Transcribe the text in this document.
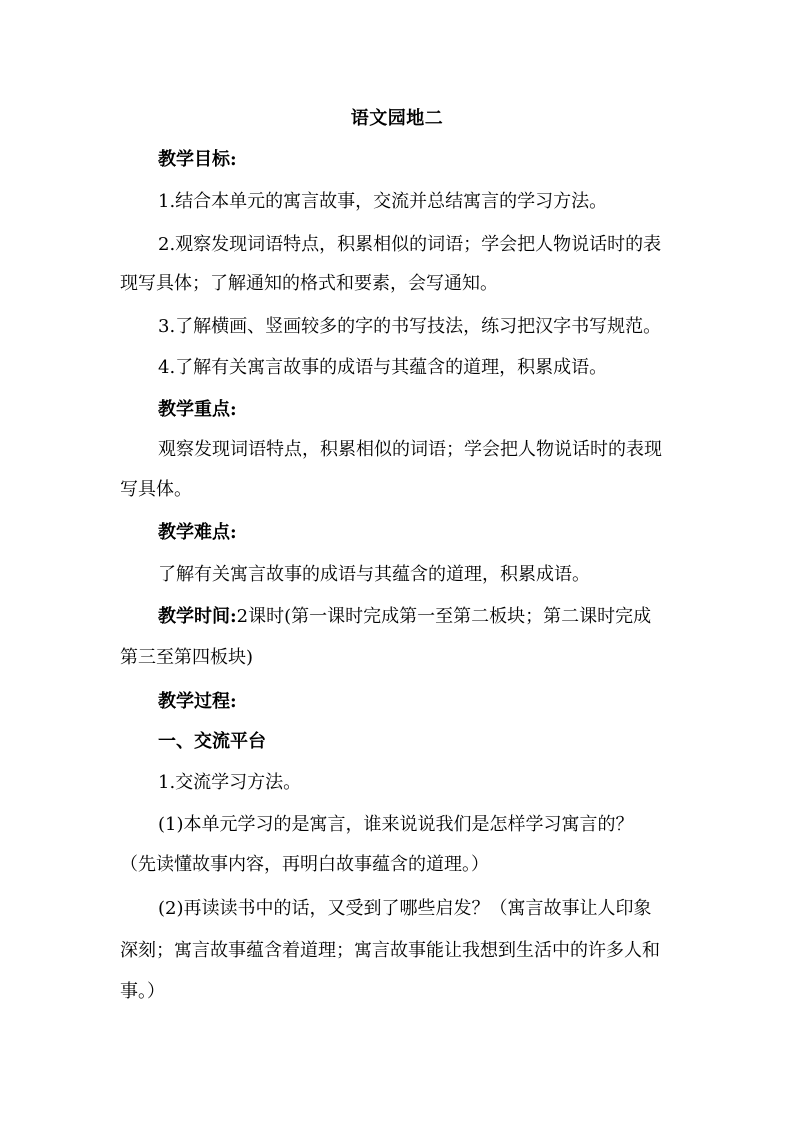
语文园地二
教学目标:
1.结合本单元的寓言故事，交流并总结寓言的学习方法。
2.观察发现词语特点，积累相似的词语；学会把人物说话时的表
现写具体；了解通知的格式和要素，会写通知。
3.了解横画、竖画较多的字的书写技法，练习把汉字书写规范。
4.了解有关寓言故事的成语与其蕴含的道理，积累成语。
教学重点:
观察发现词语特点，积累相似的词语；学会把人物说话时的表现
写具体。
教学难点:
了解有关寓言故事的成语与其蕴含的道理，积累成语。
教学时间:2课时(第一课时完成第一至第二板块；第二课时完成
第三至第四板块)
教学过程:
一、交流平台
1.交流学习方法。
(1)本单元学习的是寓言，谁来说说我们是怎样学习寓言的？
（先读懂故事内容，再明白故事蕴含的道理。）
(2)再读读书中的话，又受到了哪些启发？（寓言故事让人印象
深刻；寓言故事蕴含着道理；寓言故事能让我想到生活中的许多人和
事。）
